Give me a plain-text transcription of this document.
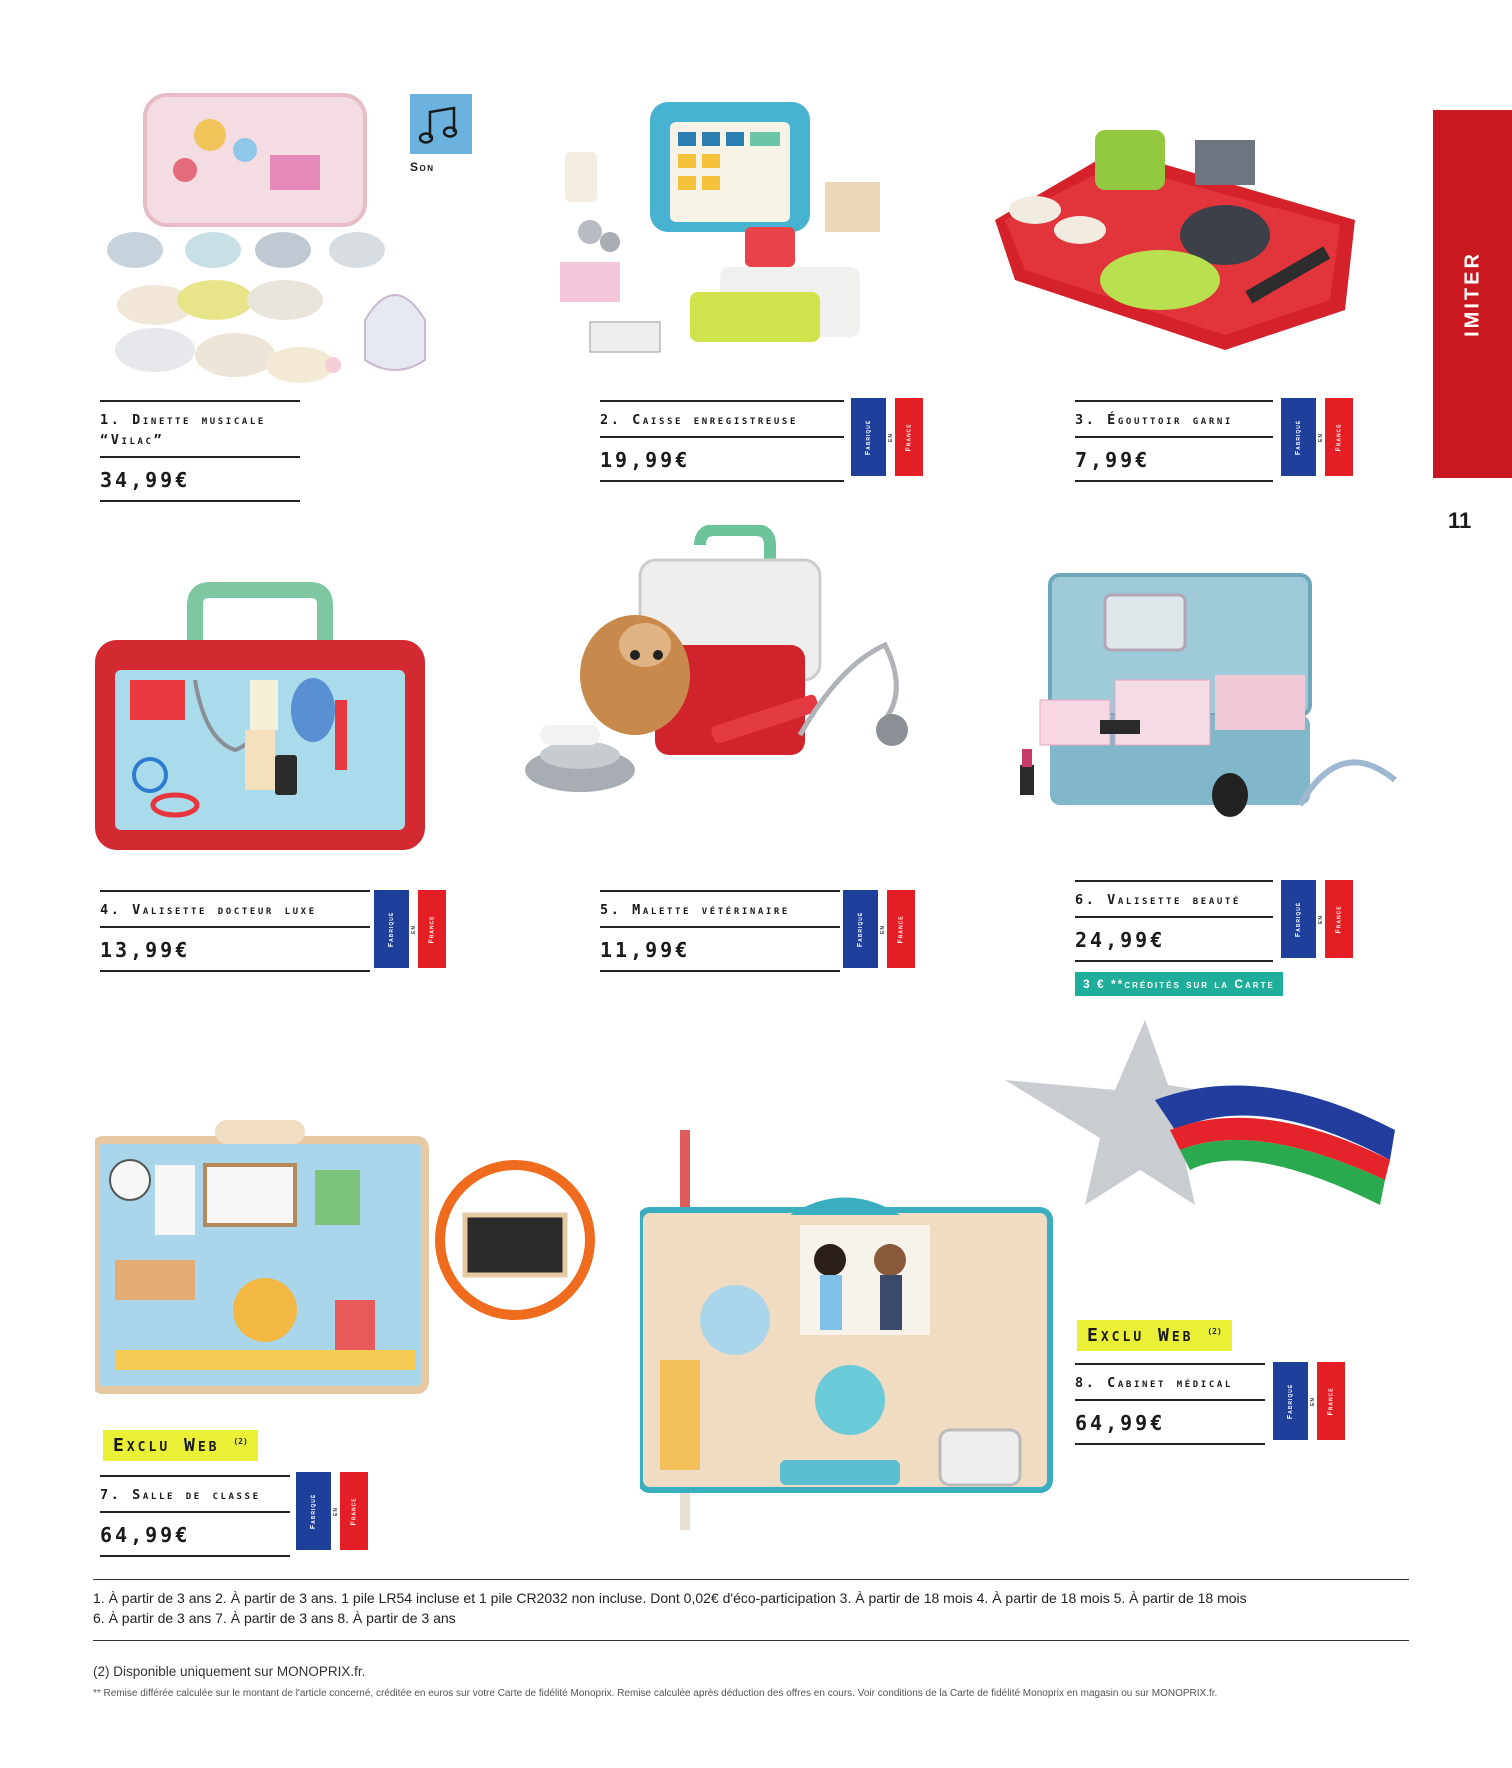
IMITER
11
Son
1. Dinette musicale “Vilac”
34,99€
2. Caisse enregistreuse
19,99€
Fabriqué en France
3. Égouttoir garni
7,99€
Fabriqué en France
4. Valisette docteur luxe
13,99€
Fabriqué en France
5. Malette vétérinaire
11,99€
Fabriqué en France
6. Valisette beauté
24,99€
Fabriqué en France
3 € **crédités sur la Carte
Exclu Web $^{(2)}$
7. Salle de classe
64,99€
Fabriqué en France
Exclu Web $^{(2)}$
8. Cabinet médical
64,99€
Fabriqué en France
1. À partir de 3 ans 2. À partir de 3 ans. 1 pile LR54 incluse et 1 pile CR2032 non incluse. Dont 0,02€ d'éco-participation 3. À partir de 18 mois 4. À partir de 18 mois 5. À partir de 18 mois
6. À partir de 3 ans 7. À partir de 3 ans 8. À partir de 3 ans
(2) Disponible uniquement sur MONOPRIX.fr.
** Remise différée calculée sur le montant de l'article concerné, créditée en euros sur votre Carte de fidélité Monoprix. Remise calculée après déduction des offres en cours. Voir conditions de la Carte de fidélité Monoprix en magasin ou sur MONOPRIX.fr.
